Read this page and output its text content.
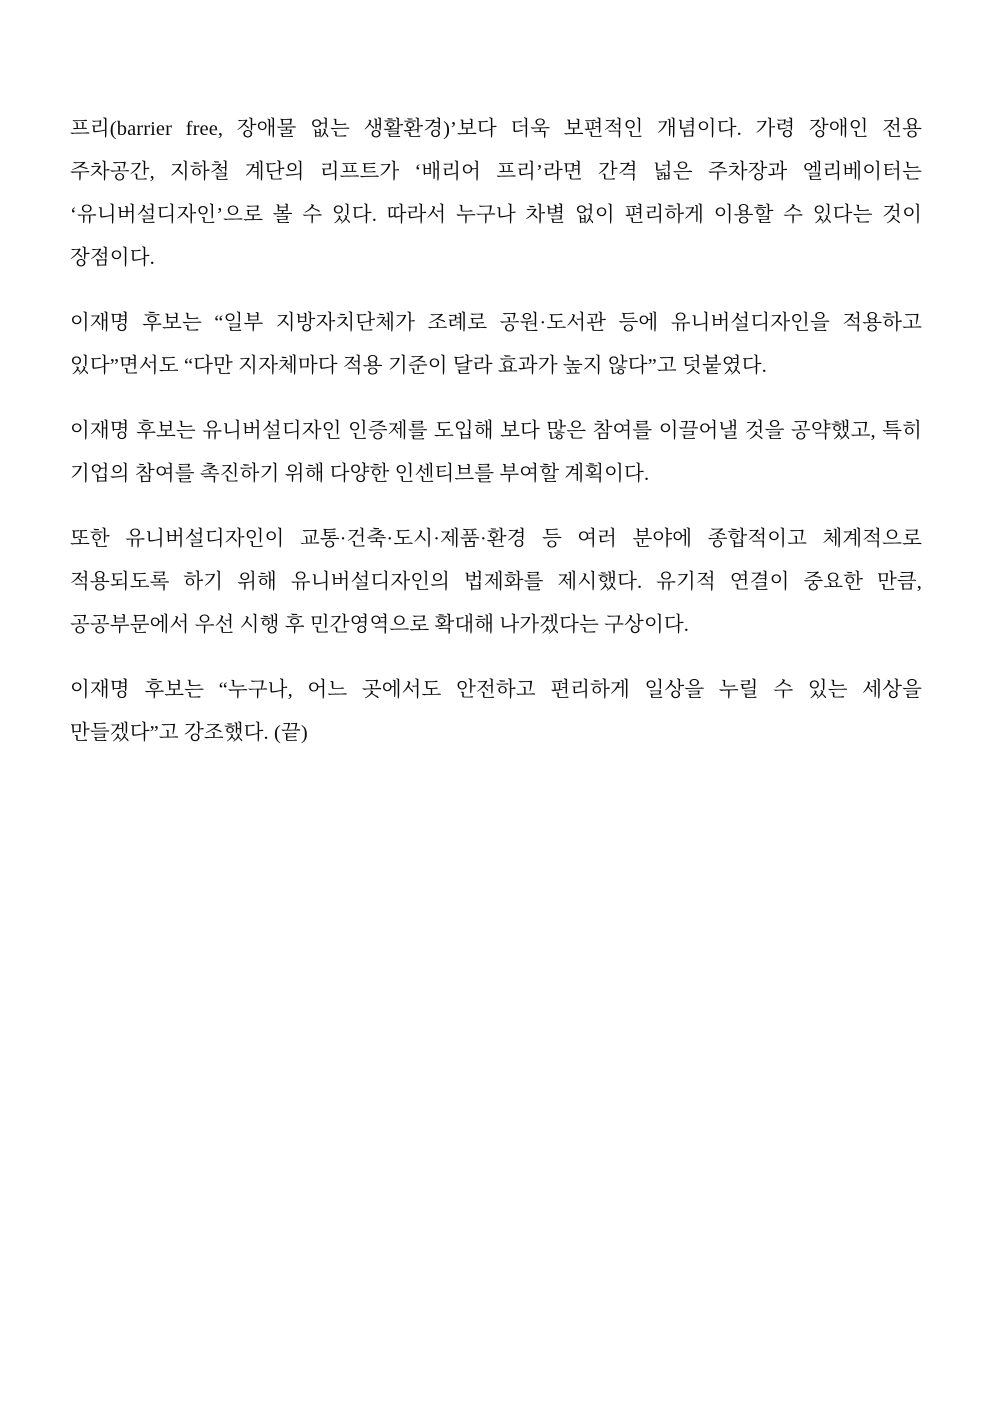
프리(barrier free, 장애물 없는 생활환경)’보다 더욱 보편적인 개념이다. 가령 장애인 전용 주차공간, 지하철 계단의 리프트가 ‘배리어 프리’라면 간격 넓은 주차장과 엘리베이터는 ‘유니버설디자인’으로 볼 수 있다. 따라서 누구나 차별 없이 편리하게 이용할 수 있다는 것이 장점이다.

이재명 후보는 “일부 지방자치단체가 조례로 공원·도서관 등에 유니버설디자인을 적용하고 있다”면서도 “다만 지자체마다 적용 기준이 달라 효과가 높지 않다”고 덧붙였다.

이재명 후보는 유니버설디자인 인증제를 도입해 보다 많은 참여를 이끌어낼 것을 공약했고, 특히 기업의 참여를 촉진하기 위해 다양한 인센티브를 부여할 계획이다.

또한 유니버설디자인이 교통·건축·도시·제품·환경 등 여러 분야에 종합적이고 체계적으로 적용되도록 하기 위해 유니버설디자인의 법제화를 제시했다. 유기적 연결이 중요한 만큼, 공공부문에서 우선 시행 후 민간영역으로 확대해 나가겠다는 구상이다.

이재명 후보는 “누구나, 어느 곳에서도 안전하고 편리하게 일상을 누릴 수 있는 세상을 만들겠다”고 강조했다. (끝)
